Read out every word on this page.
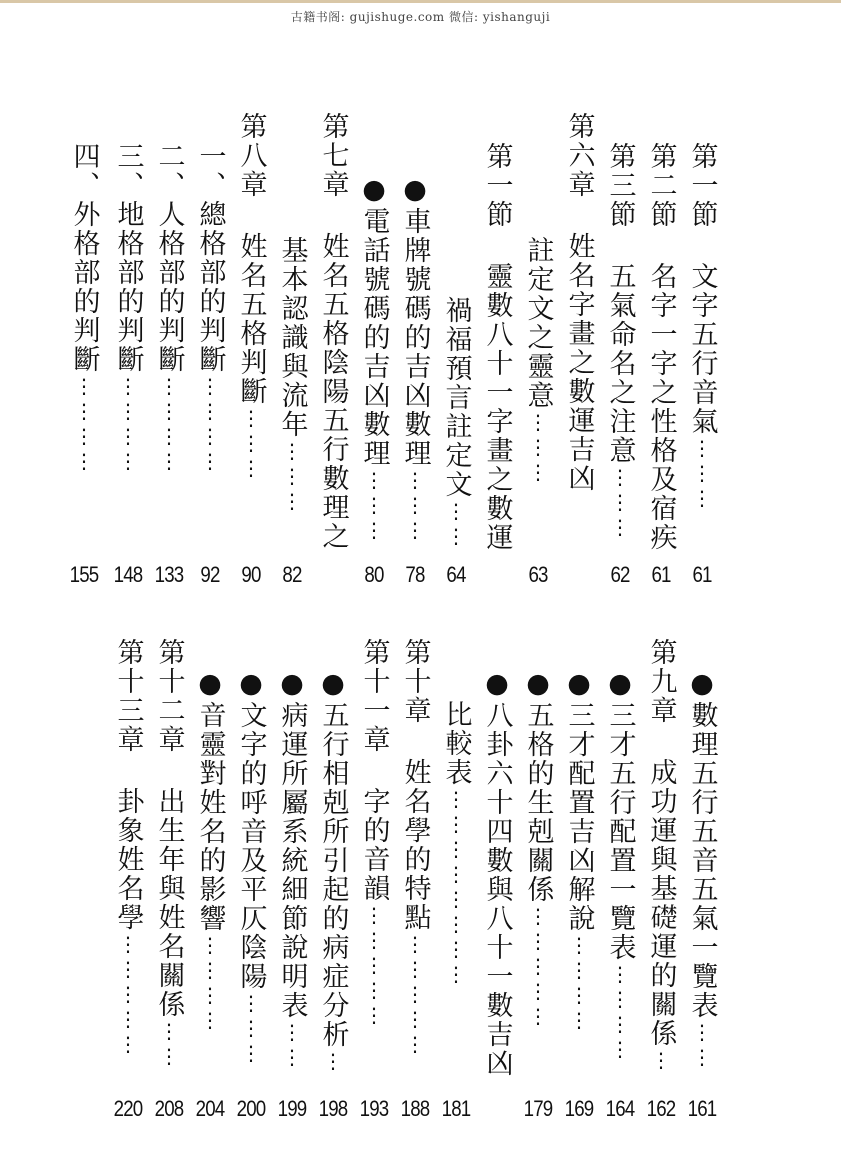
古籍书阁: gujishuge.com 微信: yishanguji
第一節 文字五行音氣
⋮⋮⋮
61
第二節 名字一字之性格及宿疾
61
第三節 五氣命名之注意
⋮⋮⋮
62
第六章 姓名字畫之數運吉凶
註定文之靈意
⋮⋮⋮
63
第一節 靈數八十一字畫之數運
禍福預言註定文
⋮⋮
64
●車牌號碼的吉凶數理
⋮⋮⋮
78
●電話號碼的吉凶數理
⋮⋮⋮
80
第七章 姓名五格陰陽五行數理之
基本認識與流年
⋮⋮⋮
82
第八章 姓名五格判斷
⋮⋮⋮
90
一、總格部的判斷
⋮⋮⋮⋮
92
二、人格部的判斷
⋮⋮⋮⋮
133
三、地格部的判斷
⋮⋮⋮⋮
148
四、外格部的判斷
⋮⋮⋮⋮
155
●數理五行五音五氣一覽表
⋮⋮
161
第九章 成功運與基礎運的關係
⋮
162
●三才五行配置一覽表
⋮⋮⋮⋮
164
●三才配置吉凶解說
⋮⋮⋮⋮
169
●五格的生剋關係
⋮⋮⋮⋮⋮
179
●八卦六十四數與八十一數吉凶
比較表
⋮⋮⋮⋮⋮⋮⋮⋮
181
第十章 姓名學的特點
⋮⋮⋮⋮⋮
188
第十一章 字的音韻
⋮⋮⋮⋮⋮
193
●五行相剋所引起的病症分析
⋮
198
●病運所屬系統細節說明表
⋮⋮
199
●文字的呼音及平仄陰陽
⋮⋮⋮
200
●音靈對姓名的影響
⋮⋮⋮⋮
204
第十二章 出生年與姓名關係
⋮⋮
208
第十三章 卦象姓名學
⋮⋮⋮⋮⋮
220
